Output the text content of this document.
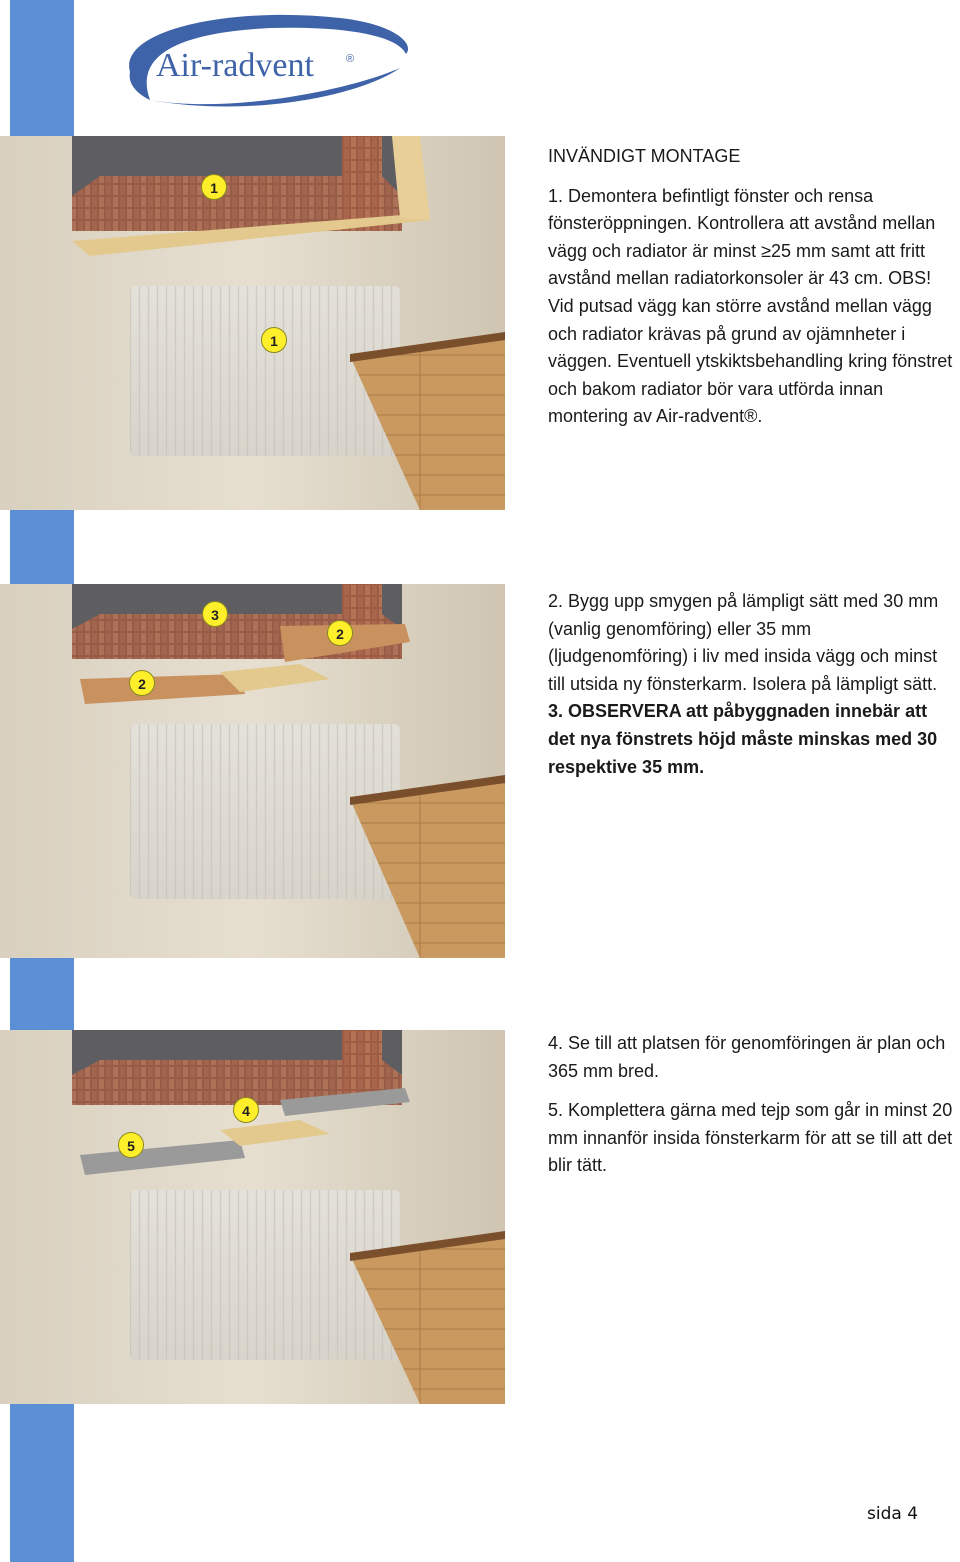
Air-radvent	®
1
1
3
2
2
4
5

INVÄNDIGT MONTAGE

1. Demontera befintligt fönster och rensa fönsteröppningen. Kontrollera att avstånd mellan vägg och radiator är minst ≥25 mm samt att fritt avstånd mellan radiatorkonsoler är 43 cm. OBS! Vid putsad vägg kan större avstånd mellan vägg och radiator krävas på grund av ojämnheter i väggen. Eventuell ytskiktsbehandling kring fönstret och bakom radiator bör vara utförda innan montering av Air-radvent®.

2. Bygg upp smygen på lämpligt sätt med 30 mm (vanlig genomföring) eller 35 mm (ljudgenomföring) i liv med insida vägg och minst till utsida ny fönsterkarm. Isolera på lämpligt sätt.

3. OBSERVERA att påbyggnaden innebär att det nya fönstrets höjd måste minskas med 30 respektive 35 mm.

4. Se till att platsen för genomföringen är plan och 365 mm bred.

5. Komplettera gärna med tejp som går in minst 20 mm innanför insida fönsterkarm för att se till att det blir tätt.

sida 4
